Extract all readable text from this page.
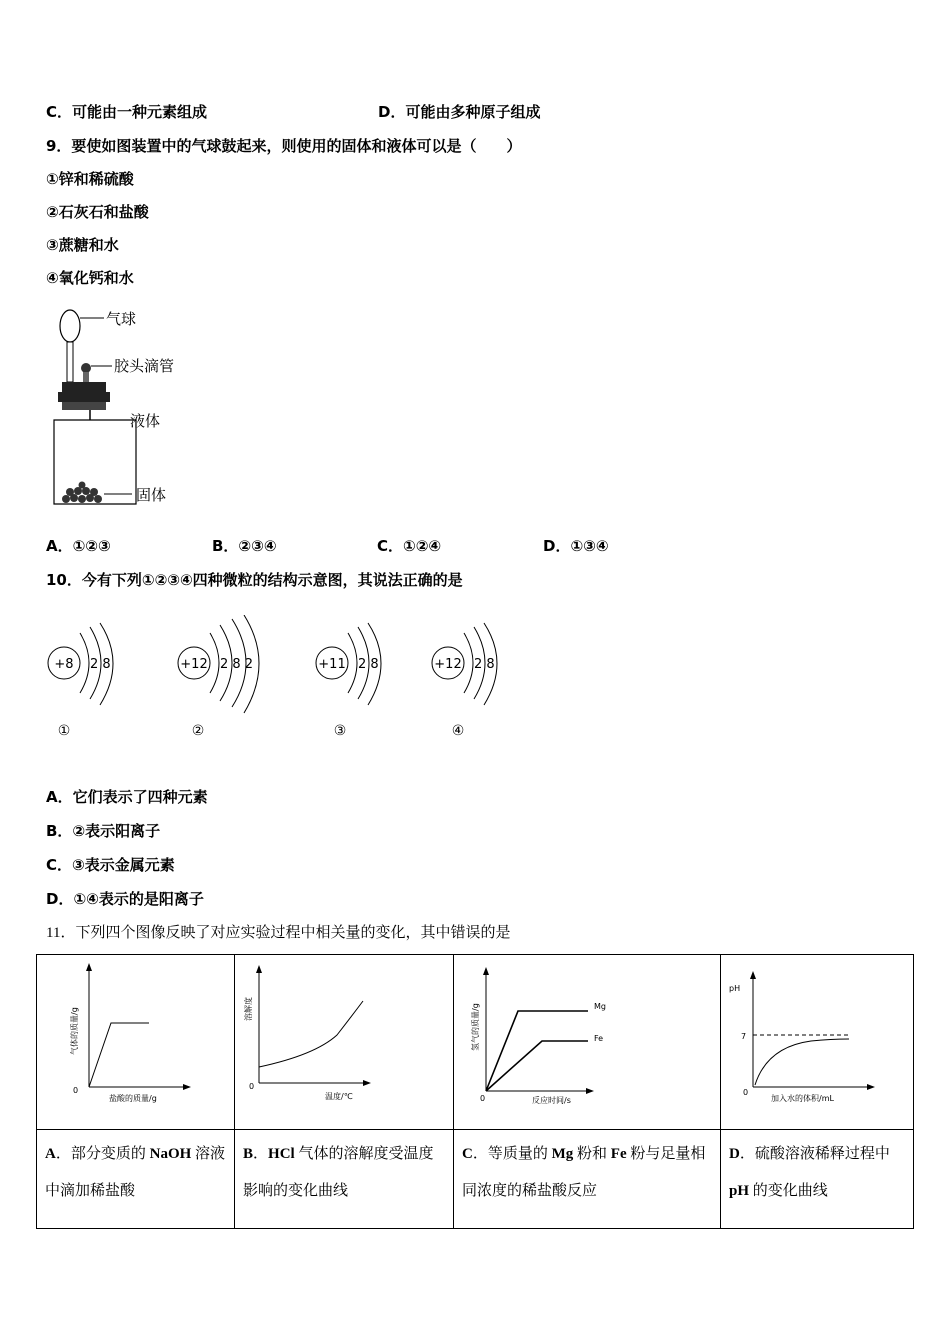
C．可能由一种元素组成	D．可能由多种原子组成
9．要使如图装置中的气球鼓起来，则使用的固体和液体可以是（　　）
①锌和稀硫酸
②石灰石和盐酸
③蔗糖和水
④氧化钙和水
气球
胶头滴管
液体
固体
A．①②③	B．②③④	C．①②④	D．①③④
10．今有下列①②③④四种微粒的结构示意图，其说法正确的是
+8 2 8
①
+12 2 8 2
②
+11 2 8
③
+12 2 8
④
A．它们表示了四种元素
B．②表示阳离子
C．③表示金属元素
D．①④表示的是阳离子
11．下列四个图像反映了对应实验过程中相关量的变化，其中错误的是
0
气体的质量/g
盐酸的质量/g	0
溶解度
温度/℃	Mg
Fe
0
氢气的质量/g
反应时间/s	pH
7
0
加入水的体积/mL

A．部分变质的 NaOH 溶液中滴加稀盐酸	B．HCl 气体的溶解度受温度影响的变化曲线	C．等质量的 Mg 粉和 Fe 粉与足量相同浓度的稀盐酸反应	D．硫酸溶液稀释过程中 pH 的变化曲线
